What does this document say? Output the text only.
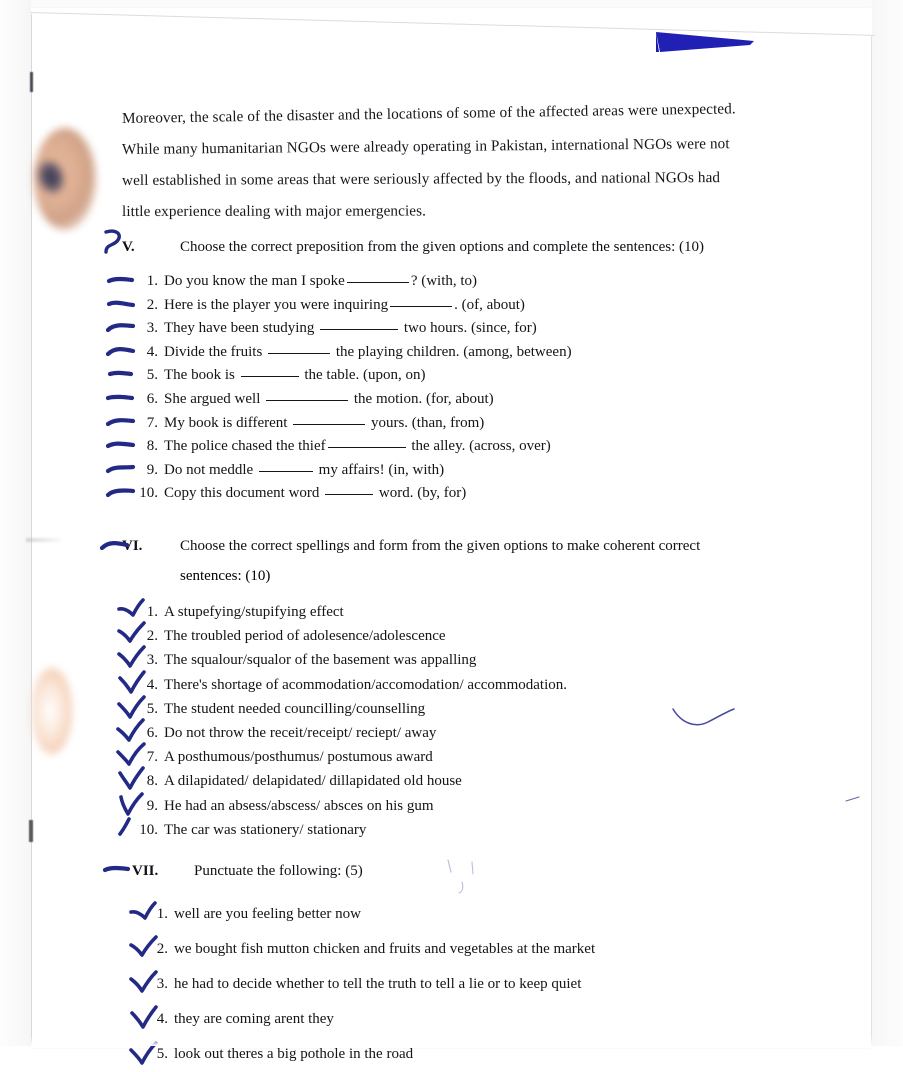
Moreover, the scale of the disaster and the locations of some of the affected areas were unexpected.
While many humanitarian NGOs were already operating in Pakistan, international NGOs were not
well established in some areas that were seriously affected by the floods, and national NGOs had
little experience dealing with major emergencies.
V.	Choose the correct preposition from the given options and complete the sentences: (10)
1. Do you know the man I spoke	? (with, to)
2. Here is the player you were inquiring	. (of, about)
3. They have been studying	two hours. (since, for)
4. Divide the fruits	the playing children. (among, between)
5. The book is	the table. (upon, on)
6. She argued well	the motion. (for, about)
7. My book is different	yours. (than, from)
8. The police chased the thief	the alley. (across, over)
9. Do not meddle	my affairs! (in, with)
10. Copy this document word	word. (by, for)
VI.	Choose the correct spellings and form from the given options to make coherent correct
sentences: (10)
1. A stupefying/stupifying effect
2. The troubled period of adolesence/adolescence
3. The squalour/squalor of the basement was appalling
4. There's shortage of acommodation/accomodation/ accommodation.
5. The student needed councilling/counselling
6. Do not throw the receit/receipt/ reciept/ away
7. A posthumous/posthumus/ postumous award
8. A dilapidated/ delapidated/ dillapidated old house
9. He had an absess/abscess/ absces on his gum
10. The car was stationery/ stationary
VII.	Punctuate the following: (5)
1. well are you feeling better now
2. we bought fish mutton chicken and fruits and vegetables at the market
3. he had to decide whether to tell the truth to tell a lie or to keep quiet
4. they are coming arent they
5. look out theres a big pothole in the road
